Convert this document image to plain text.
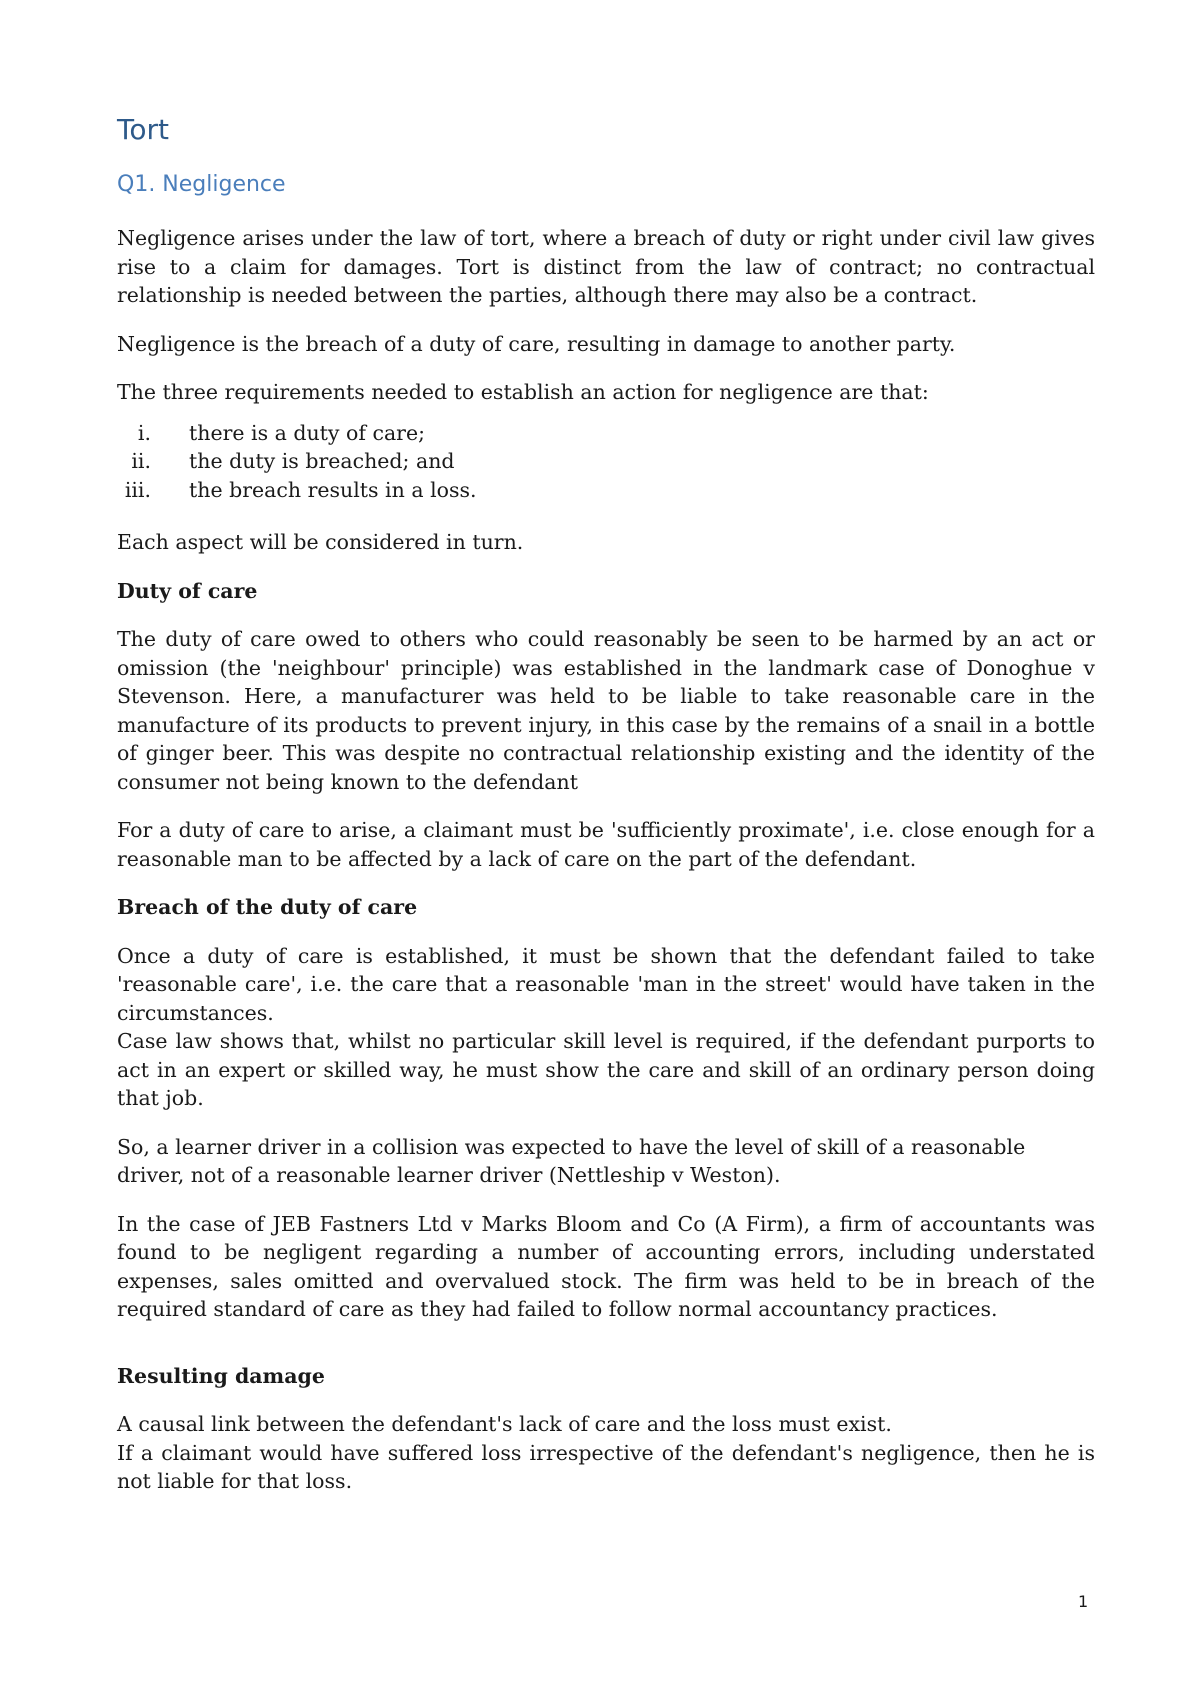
Tort
Q1. Negligence

Negligence arises under the law of tort, where a breach of duty or right under civil law gives rise to a claim for damages. Tort is distinct from the law of contract; no contractual relationship is needed between the parties, although there may also be a contract.

Negligence is the breach of a duty of care, resulting in damage to another party.

The three requirements needed to establish an action for negligence are that:

i. there is a duty of care;
ii. the duty is breached; and
iii. the breach results in a loss.

Each aspect will be considered in turn.

Duty of care

The duty of care owed to others who could reasonably be seen to be harmed by an act or omission (the 'neighbour' principle) was established in the landmark case of Donoghue v Stevenson. Here, a manufacturer was held to be liable to take reasonable care in the manufacture of its products to prevent injury, in this case by the remains of a snail in a bottle of ginger beer. This was despite no contractual relationship existing and the identity of the consumer not being known to the defendant

For a duty of care to arise, a claimant must be 'sufficiently proximate', i.e. close enough for a reasonable man to be affected by a lack of care on the part of the defendant.

Breach of the duty of care

Once a duty of care is established, it must be shown that the defendant failed to take 'reasonable care', i.e. the care that a reasonable 'man in the street' would have taken in the circumstances.

Case law shows that, whilst no particular skill level is required, if the defendant purports to act in an expert or skilled way, he must show the care and skill of an ordinary person doing that job.

So, a learner driver in a collision was expected to have the level of skill of a reasonable driver, not of a reasonable learner driver (Nettleship v Weston).

In the case of JEB Fastners Ltd v Marks Bloom and Co (A Firm), a firm of accountants was found to be negligent regarding a number of accounting errors, including understated expenses, sales omitted and overvalued stock. The firm was held to be in breach of the required standard of care as they had failed to follow normal accountancy practices.

Resulting damage

A causal link between the defendant's lack of care and the loss must exist.

If a claimant would have suffered loss irrespective of the defendant's negligence, then he is not liable for that loss.

1
